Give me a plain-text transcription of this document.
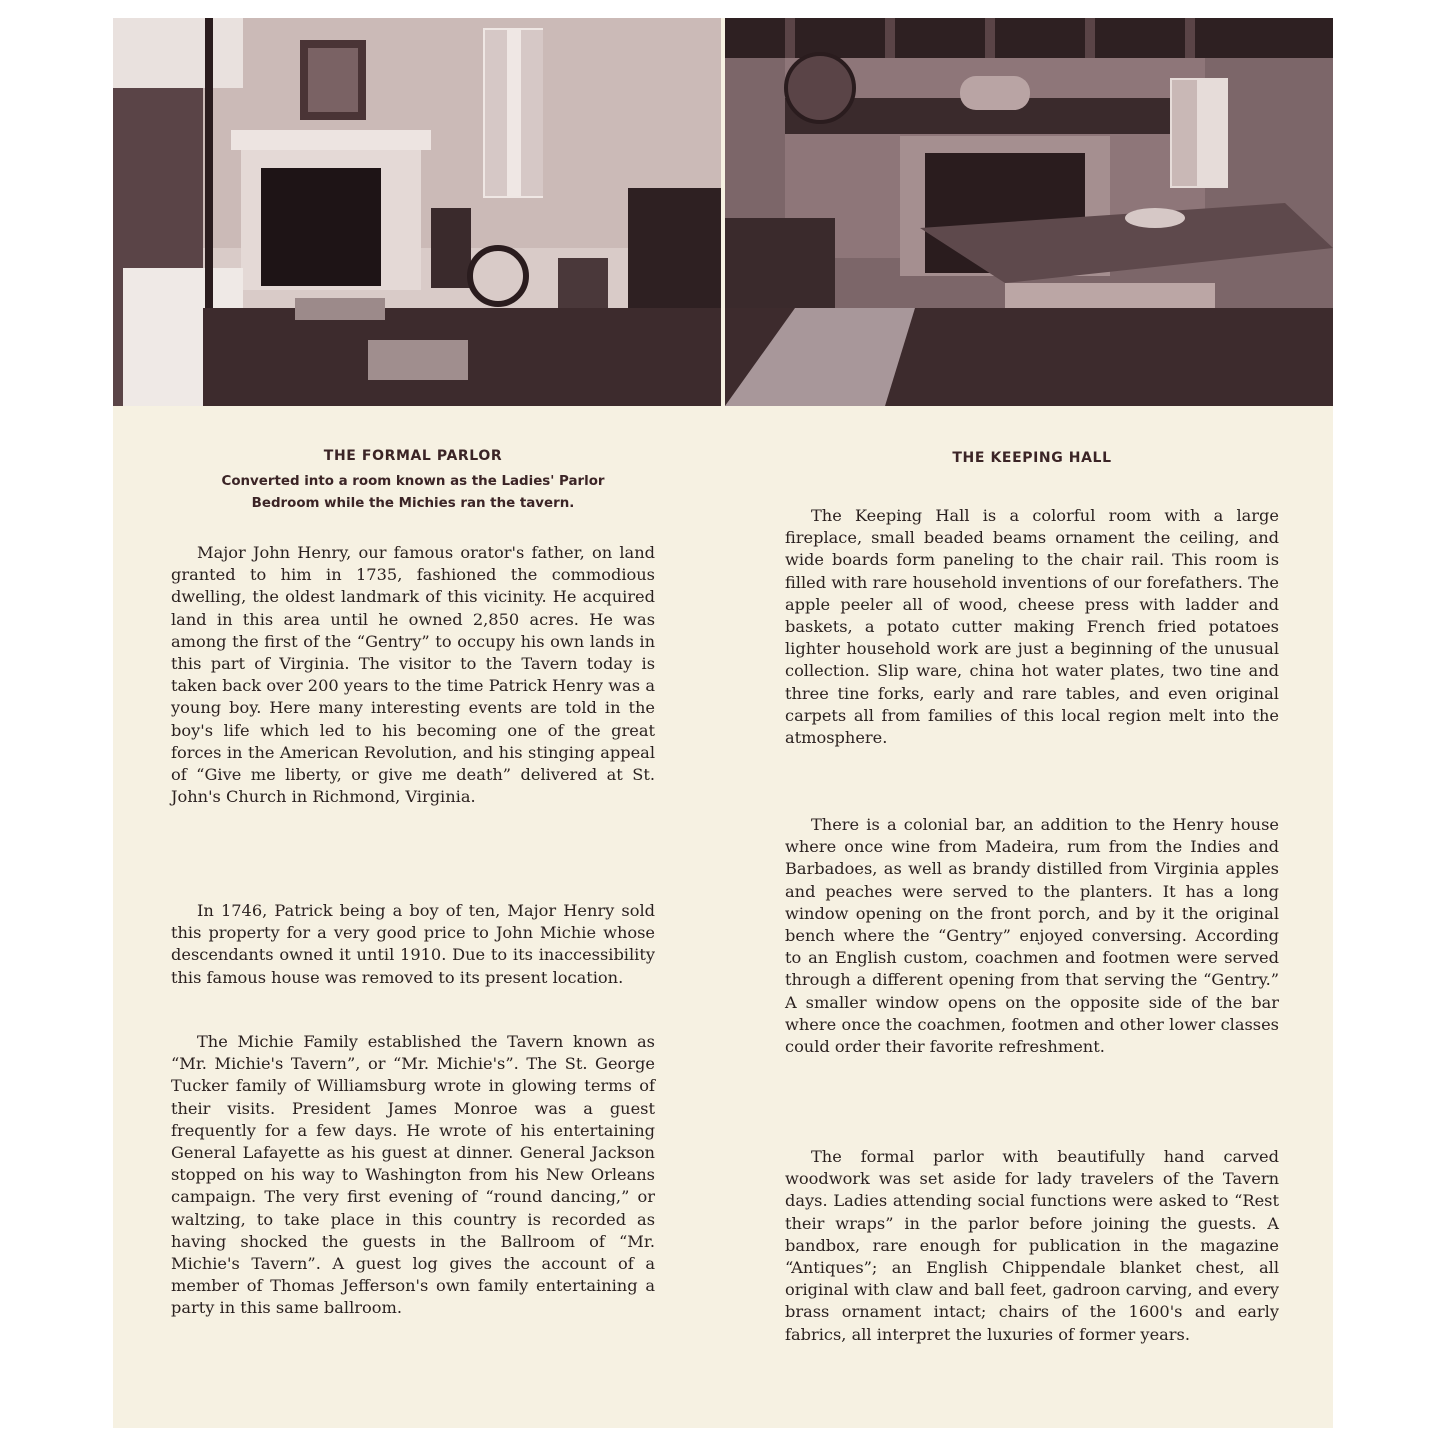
THE FORMAL PARLOR
Converted into a room known as the Ladies' Parlor
Bedroom while the Michies ran the tavern.
Major John Henry, our famous orator's father, on land granted to him in 1735, fashioned the commodious dwelling, the oldest landmark of this vicinity. He acquired land in this area until he owned 2,850 acres. He was among the first of the “Gentry” to occupy his own lands in this part of Virginia. The visitor to the Tavern today is taken back over 200 years to the time Patrick Henry was a young boy. Here many interesting events are told in the boy's life which led to his becoming one of the great forces in the American Revolution, and his stinging appeal of “Give me liberty, or give me death” delivered at St. John's Church in Richmond, Virginia.
In 1746, Patrick being a boy of ten, Major Henry sold this property for a very good price to John Michie whose descendants owned it until 1910. Due to its inaccessibility this famous house was removed to its present location.
The Michie Family established the Tavern known as “Mr. Michie's Tavern”, or “Mr. Michie's”. The St. George Tucker family of Williamsburg wrote in glowing terms of their visits. President James Monroe was a guest frequently for a few days. He wrote of his entertaining General Lafayette as his guest at dinner. General Jackson stopped on his way to Washington from his New Orleans campaign. The very first evening of “round dancing,” or waltzing, to take place in this country is recorded as having shocked the guests in the Ballroom of “Mr. Michie's Tavern”. A guest log gives the account of a member of Thomas Jefferson's own family entertaining a party in this same ballroom.
THE KEEPING HALL
The Keeping Hall is a colorful room with a large fireplace, small beaded beams ornament the ceiling, and wide boards form paneling to the chair rail. This room is filled with rare household inventions of our forefathers. The apple peeler all of wood, cheese press with ladder and baskets, a potato cutter making French fried potatoes lighter household work are just a beginning of the unusual collection. Slip ware, china hot water plates, two tine and three tine forks, early and rare tables, and even original carpets all from families of this local region melt into the atmosphere.
There is a colonial bar, an addition to the Henry house where once wine from Madeira, rum from the Indies and Barbadoes, as well as brandy distilled from Virginia apples and peaches were served to the planters. It has a long window opening on the front porch, and by it the original bench where the “Gentry” enjoyed conversing. According to an English custom, coachmen and footmen were served through a different opening from that serving the “Gentry.” A smaller window opens on the opposite side of the bar where once the coachmen, footmen and other lower classes could order their favorite refreshment.
The formal parlor with beautifully hand carved woodwork was set aside for lady travelers of the Tavern days. Ladies attending social functions were asked to “Rest their wraps” in the parlor before joining the guests. A bandbox, rare enough for publication in the magazine “Antiques”; an English Chippendale blanket chest, all original with claw and ball feet, gadroon carving, and every brass ornament intact; chairs of the 1600's and early fabrics, all interpret the luxuries of former years.
